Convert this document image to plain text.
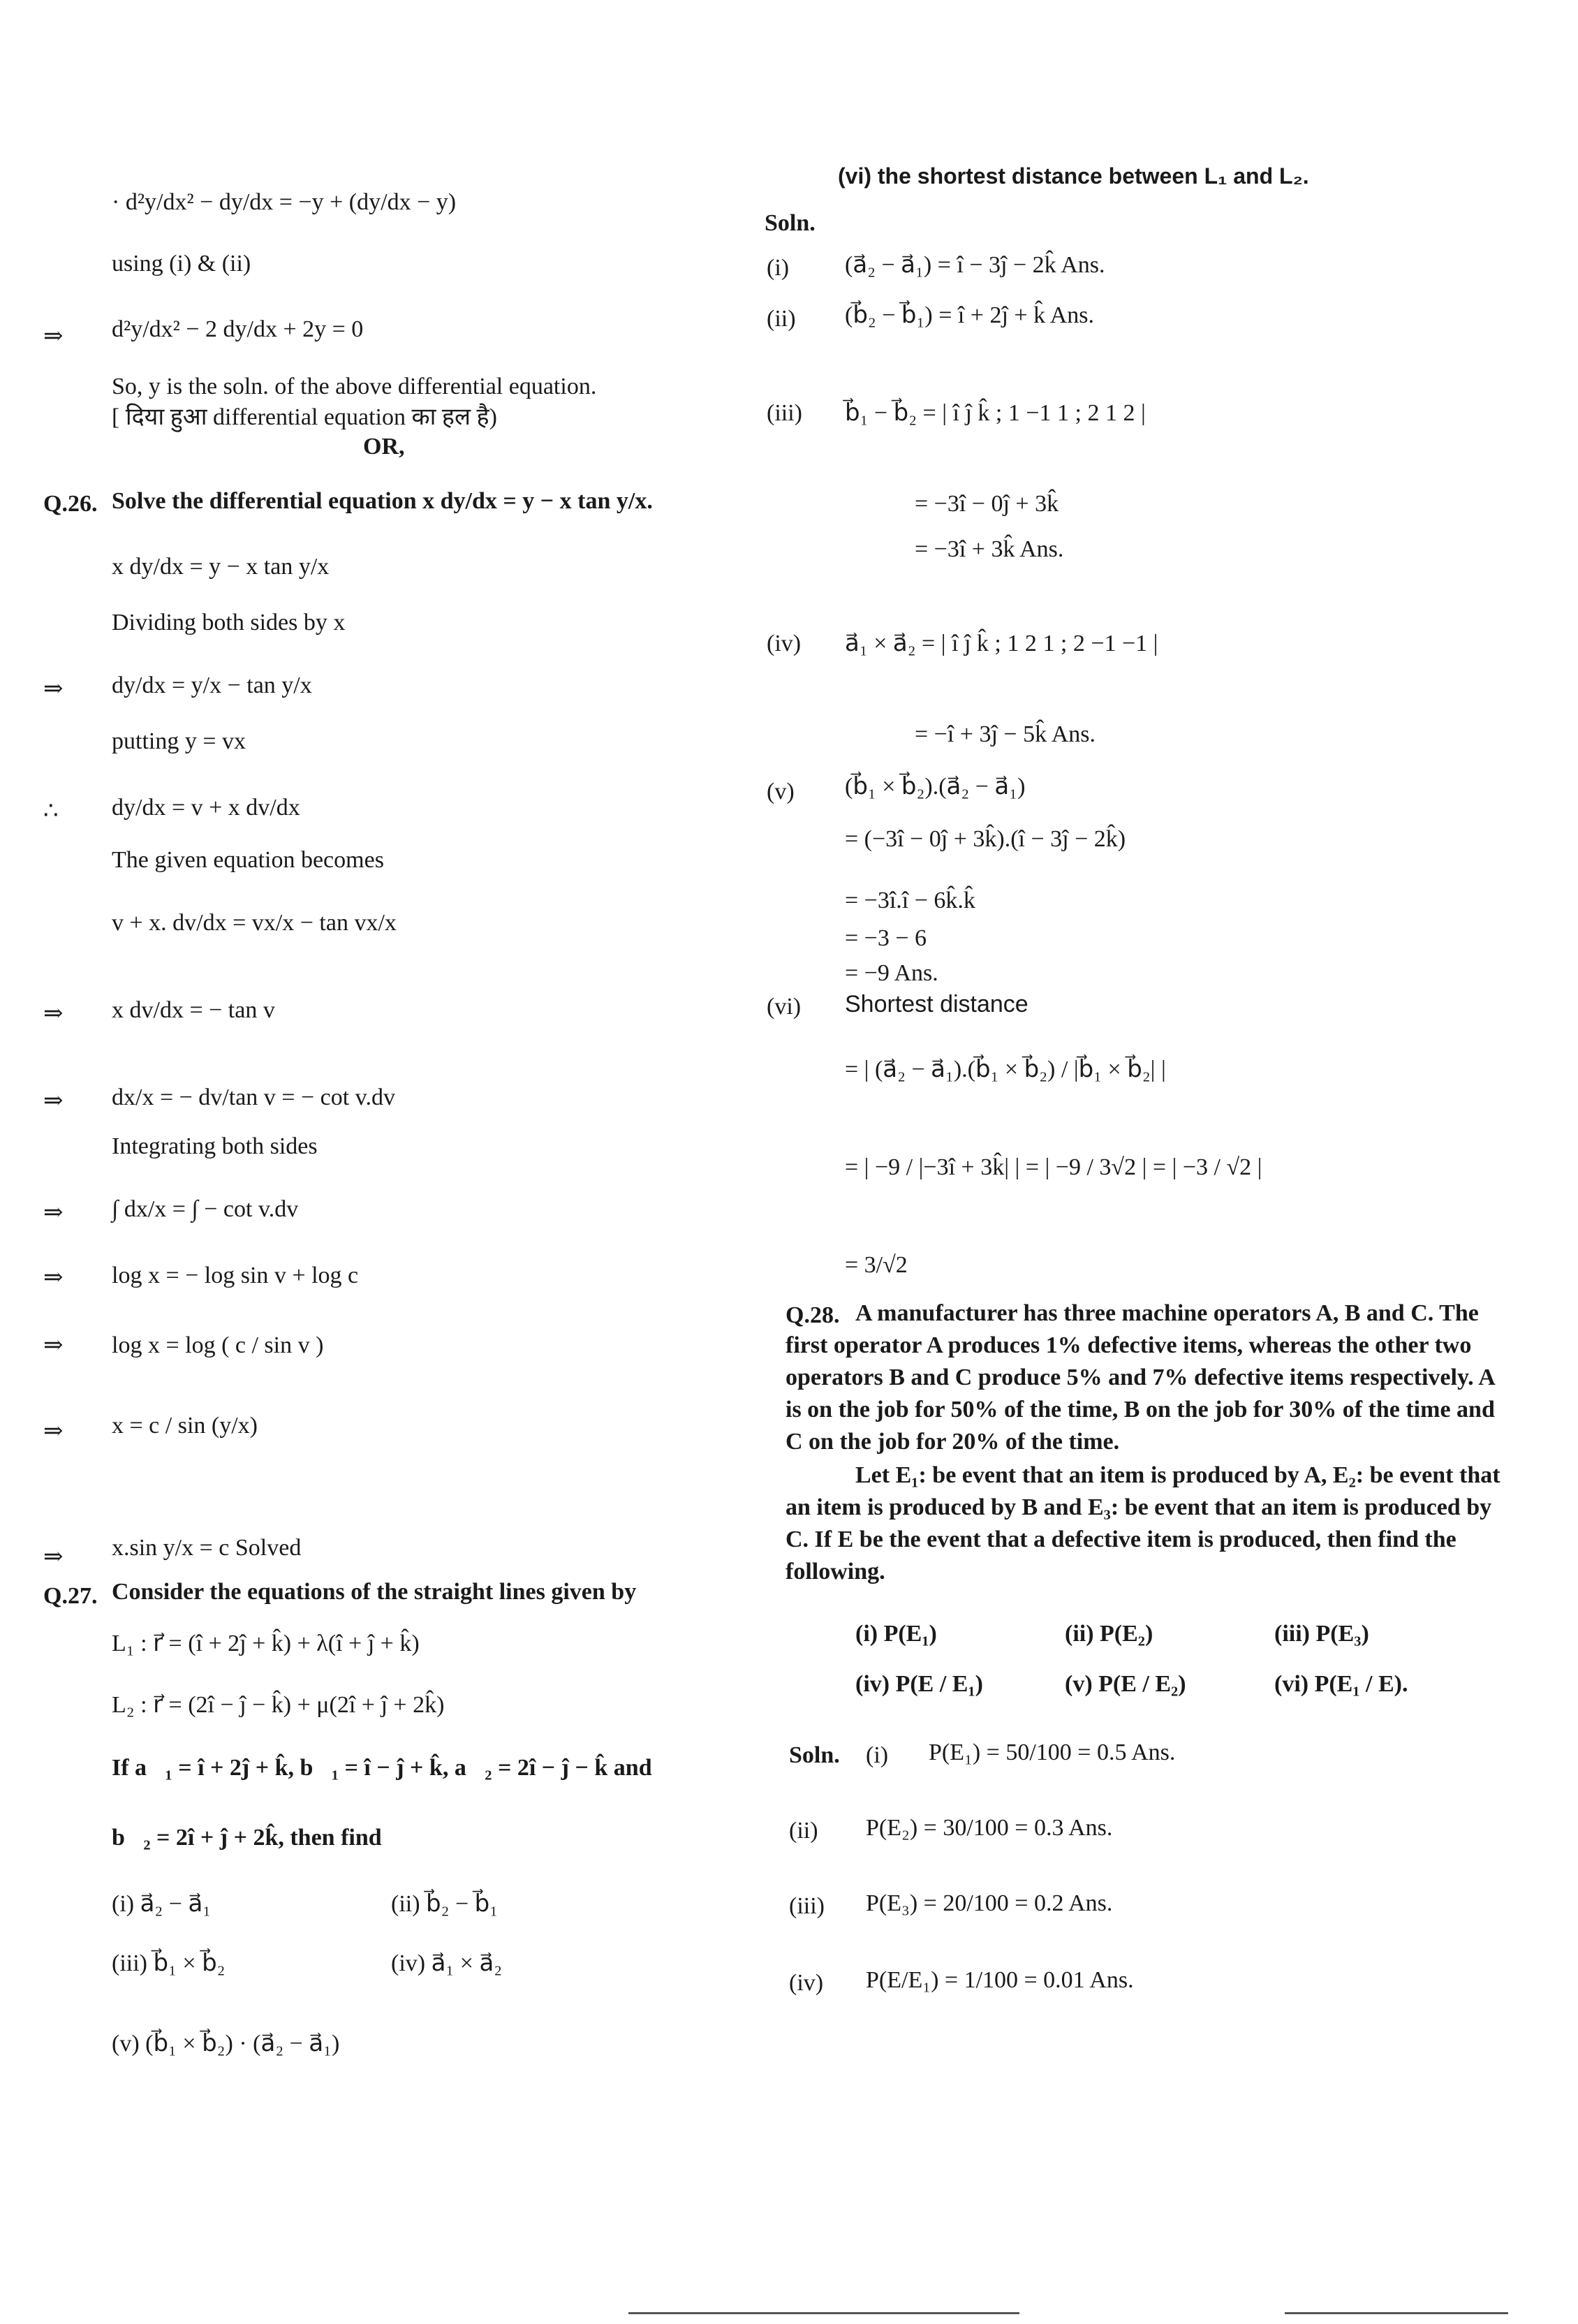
· d²y/dx² − dy/dx = −y + (dy/dx − y)
using (i) & (ii)
⇒ d²y/dx² − 2 dy/dx + 2y = 0
So, y is the soln. of the above differential equation.
[ दिया हुआ differential equation का हल है)
OR,
Q.26. Solve the differential equation x dy/dx = y − x tan y/x.
x dy/dx = y − x tan y/x
Dividing both sides by x
⇒ dy/dx = y/x − tan y/x
putting y = vx
∴ dy/dx = v + x dv/dx
The given equation becomes
v + x. dv/dx = vx/x − tan vx/x
⇒ x dv/dx = − tan v
⇒ dx/x = − dv/tan v = − cot v.dv
Integrating both sides
⇒ ∫ dx/x = ∫ − cot v.dv
⇒ log x = − log sin v + log c
⇒ log x = log ( c / sin v )
⇒ x = c / sin (y/x)
⇒ x.sin y/x = c Solved
Q.27. Consider the equations of the straight lines given by
L₁ : r⃗ = (î + 2ĵ + k̂) + λ(î + ĵ + k̂)
L₂ : r⃗ = (2î − ĵ − k̂) + μ(2î + ĵ + 2k̂)
If a⃗₁ = î + 2ĵ + k̂, b⃗₁ = î − ĵ + k̂, a⃗₂ = 2î − ĵ − k̂ and
b⃗₂ = 2î + ĵ + 2k̂, then find
(i) a⃗₂ − a⃗₁	(ii) b⃗₂ − b⃗₁
(iii) b⃗₁ × b⃗₂	(iv) a⃗₁ × a⃗₂
(v) (b⃗₁ × b⃗₂) · (a⃗₂ − a⃗₁)
(vi) the shortest distance between L₁ and L₂.
Soln.
(i) (a⃗₂ − a⃗₁) = î − 3ĵ − 2k̂ Ans.
(ii) (b⃗₂ − b⃗₁) = î + 2ĵ + k̂ Ans.
(iii) b⃗₁ − b⃗₂ = | î ĵ k̂ ; 1 −1 1 ; 2 1 2 |
= −3î − 0ĵ + 3k̂
= −3î + 3k̂ Ans.
(iv) a⃗₁ × a⃗₂ = | î ĵ k̂ ; 1 2 1 ; 2 −1 −1 |
= −î + 3ĵ − 5k̂ Ans.
(v) (b⃗₁ × b⃗₂).(a⃗₂ − a⃗₁)
= (−3î − 0ĵ + 3k̂).(î − 3ĵ − 2k̂)
= −3î.î − 6k̂.k̂
= −3 − 6
= −9 Ans.
(vi) Shortest distance
= | (a⃗₂ − a⃗₁).(b⃗₁ × b⃗₂) / |b⃗₁ × b⃗₂| |
= | −9 / |−3î + 3k̂| | = | −9 / 3√2 | = | −3 / √2 |
= 3/√2
Q.28. A manufacturer has three machine operators A, B and C. The first operator A produces 1% defective items, whereas the other two operators B and C produce 5% and 7% defective items respectively. A is on the job for 50% of the time, B on the job for 30% of the time and C on the job for 20% of the time.
Let E₁: be event that an item is produced by A, E₂: be event that an item is produced by B and E₃: be event that an item is produced by C. If E be the event that a defective item is produced, then find the following.
(i) P(E₁)	(ii) P(E₂)	(iii) P(E₃)
(iv) P(E / E₁)	(v) P(E / E₂)	(vi) P(E₁ / E).
Soln. (i) P(E₁) = 50/100 = 0.5 Ans.
(ii) P(E₂) = 30/100 = 0.3 Ans.
(iii) P(E₃) = 20/100 = 0.2 Ans.
(iv) P(E/E₁) = 1/100 = 0.01 Ans.
